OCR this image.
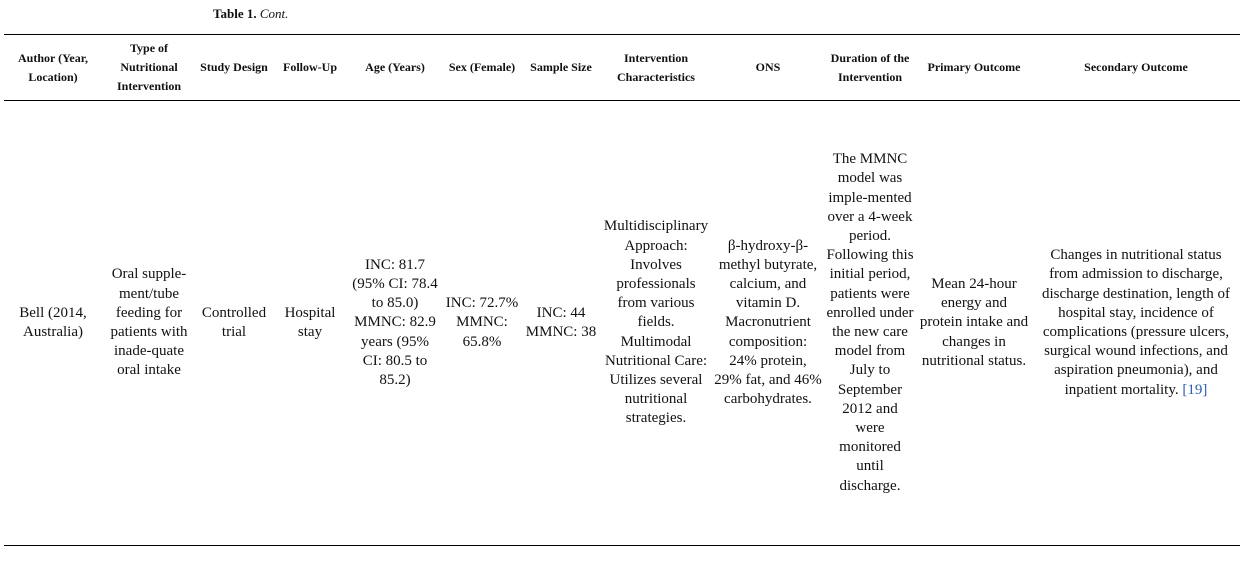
Table 1. Cont.
Author (Year, Location)	Type of Nutritional Intervention	Study Design	Follow-Up	Age (Years)	Sex (Female)	Sample Size	Intervention Characteristics	ONS	Duration of the Intervention	Primary Outcome	Secondary Outcome
Bell (2014, Australia)	Oral supple-ment/tube feeding for patients with inade-quate oral intake	Controlled trial	Hospital stay	INC: 81.7 (95% CI: 78.4 to 85.0) MMNC: 82.9 years (95% CI: 80.5 to 85.2)	INC: 72.7% MMNC: 65.8%	INC: 44 MMNC: 38	Multidisciplinary Approach: Involves professionals from various fields. Multimodal Nutritional Care: Utilizes several nutritional strategies.	β-hydroxy-β-methyl butyrate, calcium, and vitamin D. Macronutrient composition: 24% protein, 29% fat, and 46% carbohydrates.	The MMNC model was imple-mented over a 4-week period. Following this initial period, patients were enrolled under the new care model from July to September 2012 and were monitored until discharge.	Mean 24-hour energy and protein intake and changes in nutritional status.	Changes in nutritional status from admission to discharge, discharge destination, length of hospital stay, incidence of complications (pressure ulcers, surgical wound infections, and aspiration pneumonia), and inpatient mortality. [19]
